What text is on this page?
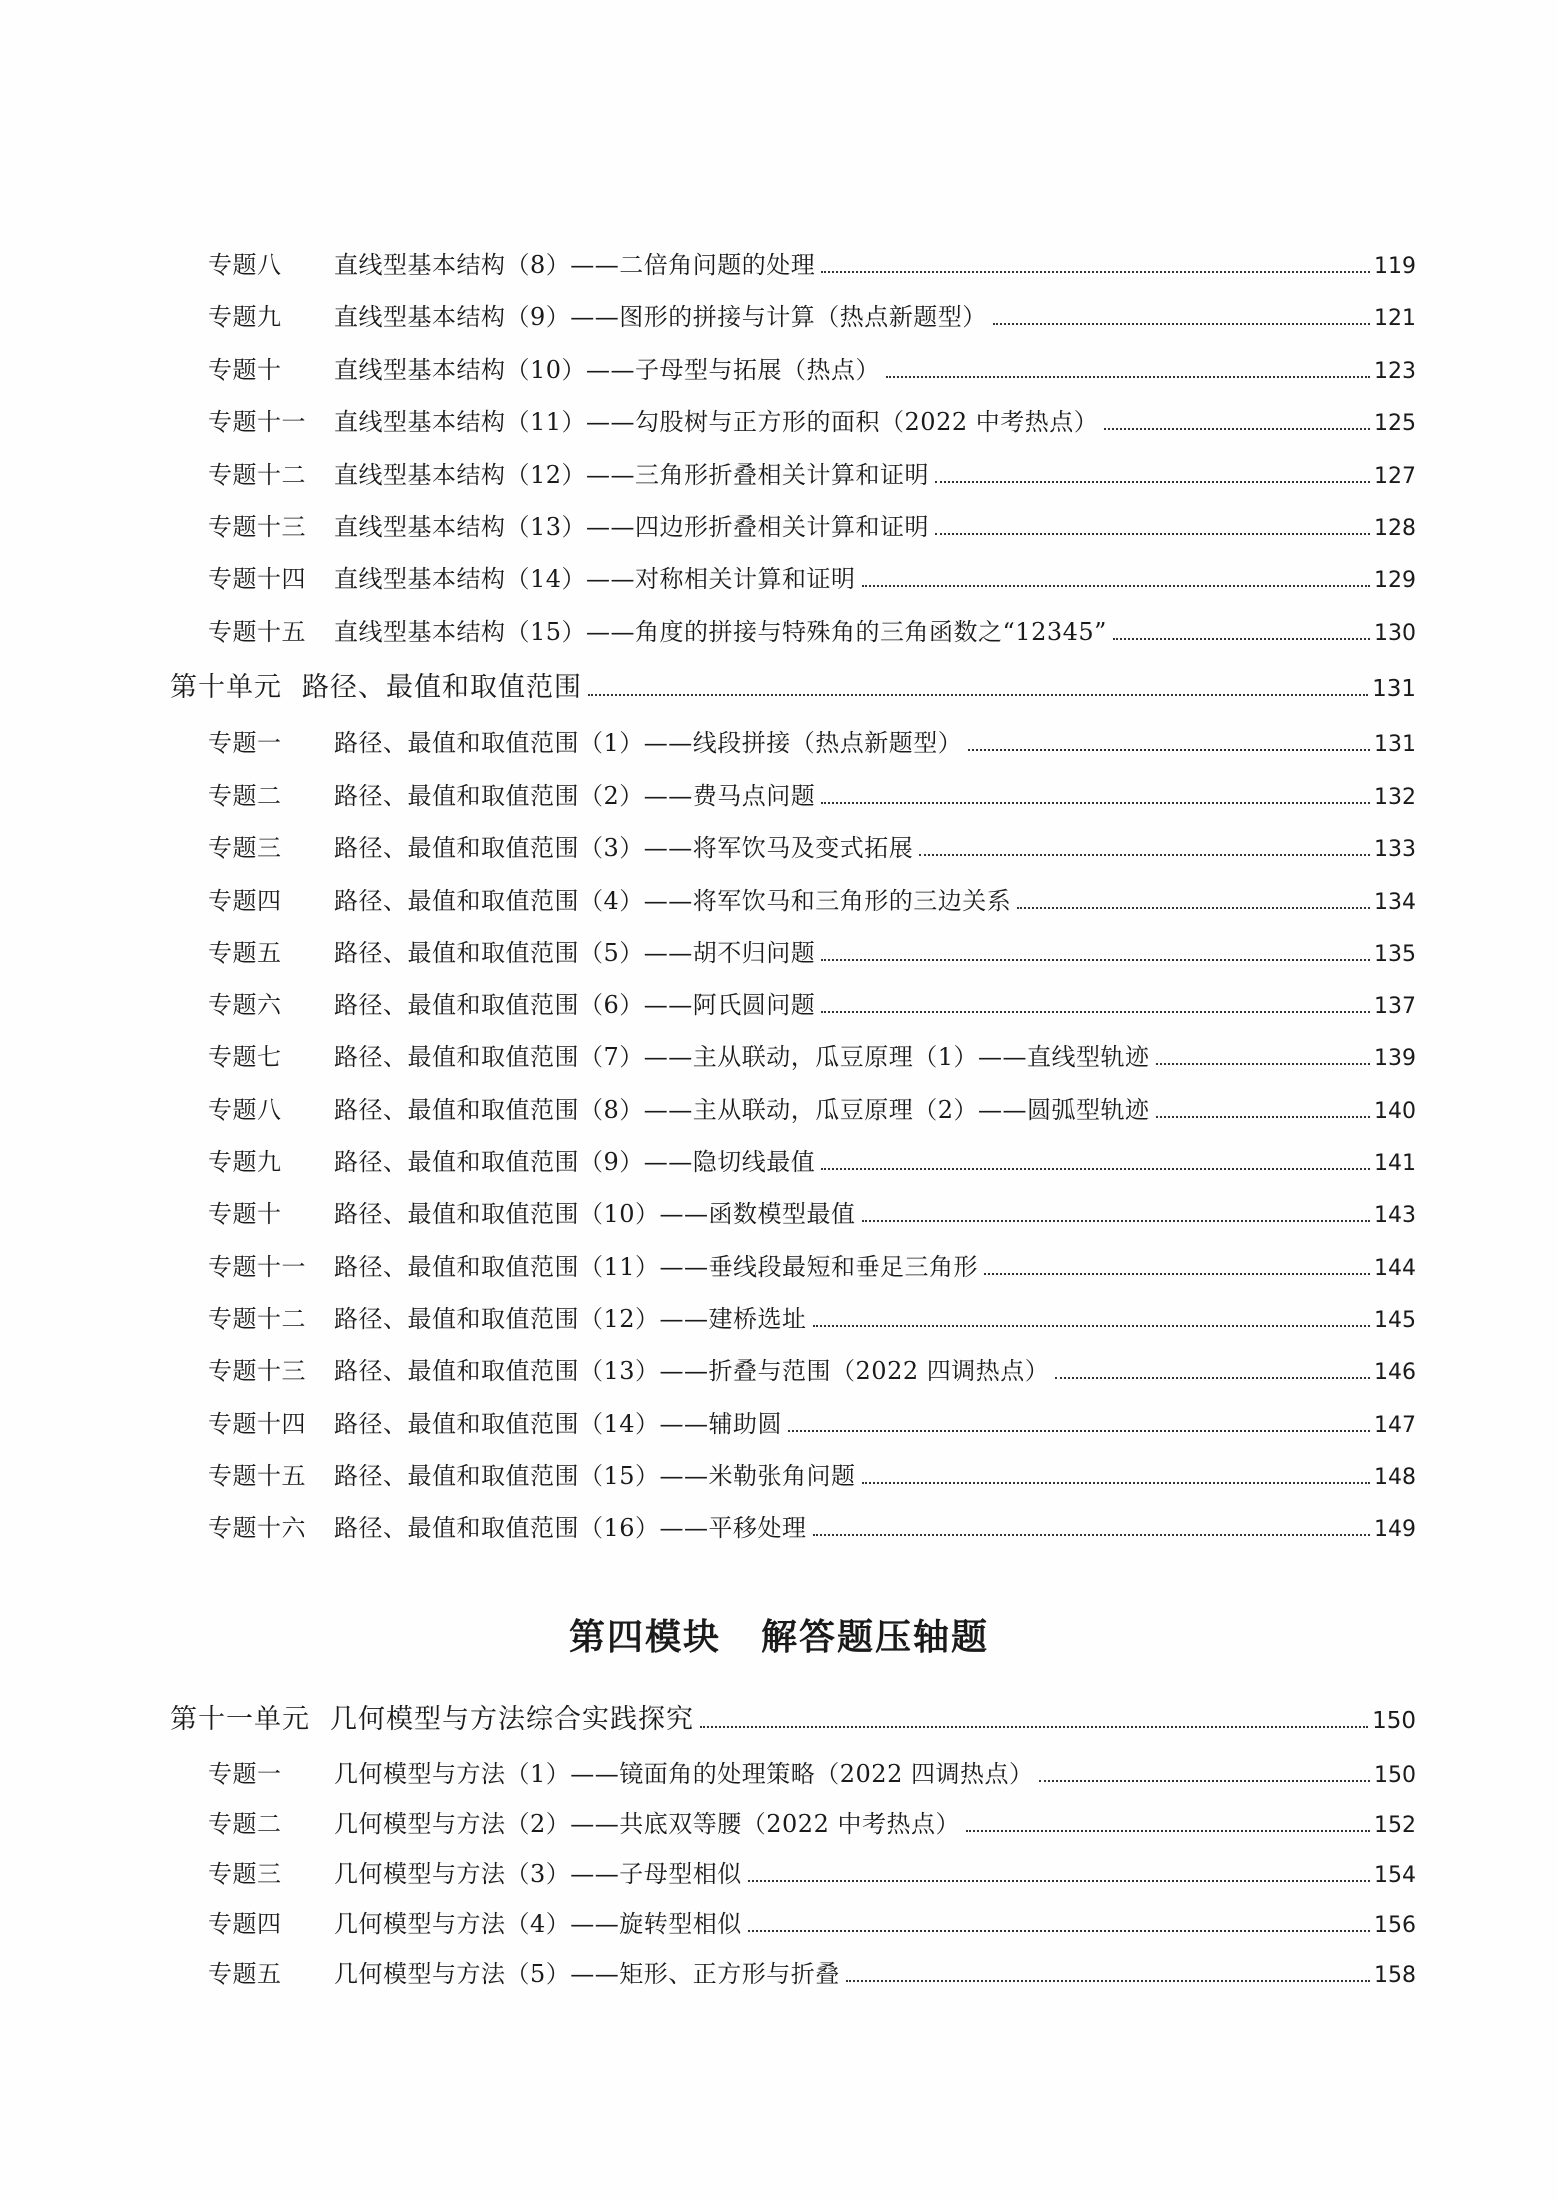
专题八	直线型基本结构（8）——二倍角问题的处理	119
专题九	直线型基本结构（9）——图形的拼接与计算（热点新题型）	121
专题十	直线型基本结构（10）——子母型与拓展（热点）	123
专题十一	直线型基本结构（11）——勾股树与正方形的面积（2022 中考热点）	125
专题十二	直线型基本结构（12）——三角形折叠相关计算和证明	127
专题十三	直线型基本结构（13）——四边形折叠相关计算和证明	128
专题十四	直线型基本结构（14）——对称相关计算和证明	129
专题十五	直线型基本结构（15）——角度的拼接与特殊角的三角函数之“12345”	130
第十单元 路径、最值和取值范围	131
专题一	路径、最值和取值范围（1）——线段拼接（热点新题型）	131
专题二	路径、最值和取值范围（2）——费马点问题	132
专题三	路径、最值和取值范围（3）——将军饮马及变式拓展	133
专题四	路径、最值和取值范围（4）——将军饮马和三角形的三边关系	134
专题五	路径、最值和取值范围（5）——胡不归问题	135
专题六	路径、最值和取值范围（6）——阿氏圆问题	137
专题七	路径、最值和取值范围（7）——主从联动，瓜豆原理（1）——直线型轨迹	139
专题八	路径、最值和取值范围（8）——主从联动，瓜豆原理（2）——圆弧型轨迹	140
专题九	路径、最值和取值范围（9）——隐切线最值	141
专题十	路径、最值和取值范围（10）——函数模型最值	143
专题十一	路径、最值和取值范围（11）——垂线段最短和垂足三角形	144
专题十二	路径、最值和取值范围（12）——建桥选址	145
专题十三	路径、最值和取值范围（13）——折叠与范围（2022 四调热点）	146
专题十四	路径、最值和取值范围（14）——辅助圆	147
专题十五	路径、最值和取值范围（15）——米勒张角问题	148
专题十六	路径、最值和取值范围（16）——平移处理	149
第四模块 解答题压轴题
第十一单元 几何模型与方法综合实践探究	150
专题一	几何模型与方法（1）——镜面角的处理策略（2022 四调热点）	150
专题二	几何模型与方法（2）——共底双等腰（2022 中考热点）	152
专题三	几何模型与方法（3）——子母型相似	154
专题四	几何模型与方法（4）——旋转型相似	156
专题五	几何模型与方法（5）——矩形、正方形与折叠	158
